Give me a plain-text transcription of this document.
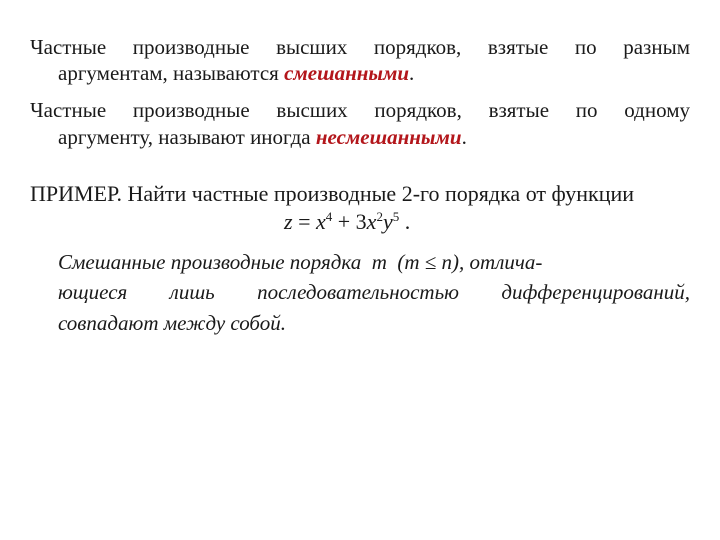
Частные производные высших порядков, взятые по разным
аргументам, называются смешанными.
Частные производные высших порядков, взятые по одному
аргументу, называют иногда несмешанными.
ПРИМЕР. Найти частные производные 2-го порядка от функции
$z = x^4 + 3x^2y^5$ .
Смешанные производные порядка  m  (m ≤ n), отлича-
ющиеся лишь последовательностью дифференцирований,
совпадают между собой.
